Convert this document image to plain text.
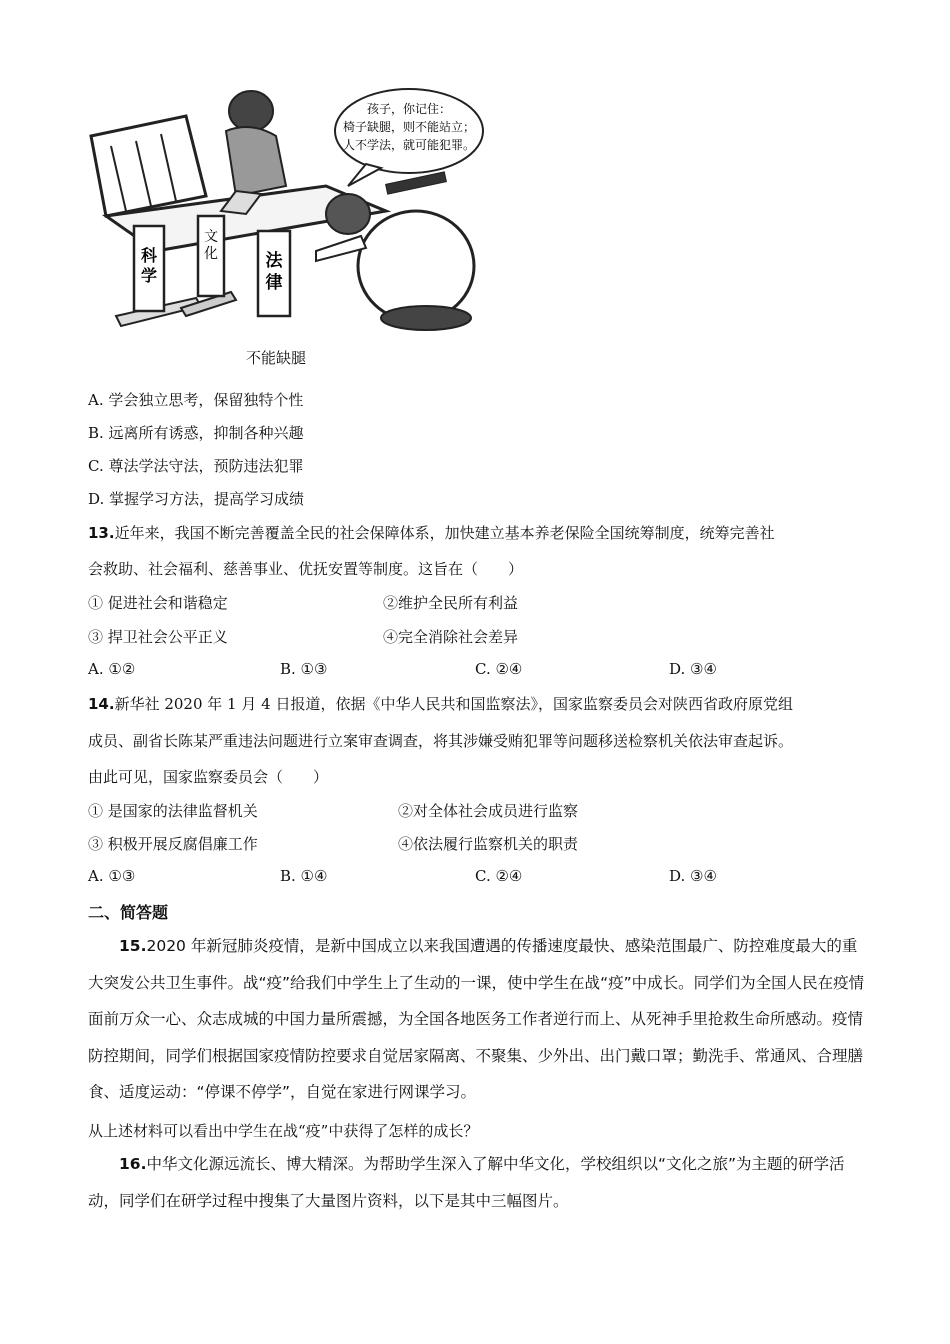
科
学
文
化	法
律
孩子，你记住：
椅子缺腿，则不能站立；
人不学法，就可能犯罪。
不能缺腿
A. 学会独立思考，保留独特个性
B. 远离所有诱惑，抑制各种兴趣
C. 尊法学法守法，预防违法犯罪
D. 掌握学习方法，提高学习成绩
13.近年来，我国不断完善覆盖全民的社会保障体系，加快建立基本养老保险全国统筹制度，统筹完善社
会救助、社会福利、慈善事业、优抚安置等制度。这旨在（　　）
① 促进社会和谐稳定	②维护全民所有利益
③ 捍卫社会公平正义	④完全消除社会差异
A. ①②	B. ①③	C. ②④	D. ③④
14.新华社 2020 年 1 月 4 日报道，依据《中华人民共和国监察法》，国家监察委员会对陕西省政府原党组
成员、副省长陈某严重违法问题进行立案审查调查，将其涉嫌受贿犯罪等问题移送检察机关依法审查起诉。
由此可见，国家监察委员会（　　）
① 是国家的法律监督机关	②对全体社会成员进行监察
③ 积极开展反腐倡廉工作	④依法履行监察机关的职责
A. ①③	B. ①④	C. ②④	D. ③④
二、简答题
15.2020 年新冠肺炎疫情，是新中国成立以来我国遭遇的传播速度最快、感染范围最广、防控难度最大的重大突发公共卫生事件。战“疫”给我们中学生上了生动的一课，使中学生在战“疫”中成长。同学们为全国人民在疫情面前万众一心、众志成城的中国力量所震撼，为全国各地医务工作者逆行而上、从死神手里抢救生命所感动。疫情防控期间，同学们根据国家疫情防控要求自觉居家隔离、不聚集、少外出、出门戴口罩；勤洗手、常通风、合理膳食、适度运动：“停课不停学”，自觉在家进行网课学习。
从上述材料可以看出中学生在战“疫”中获得了怎样的成长？
16.中华文化源远流长、博大精深。为帮助学生深入了解中华文化，学校组织以“文化之旅”为主题的研学活动，同学们在研学过程中搜集了大量图片资料，以下是其中三幅图片。
